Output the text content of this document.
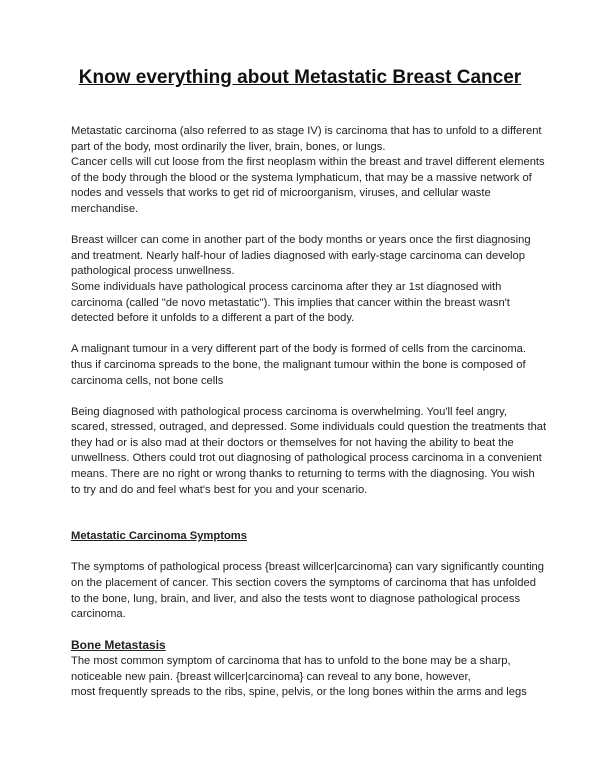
Know everything about Metastatic Breast Cancer

Metastatic carcinoma (also referred to as stage IV) is carcinoma that has to unfold to a different

part of the body, most ordinarily the liver, brain, bones, or lungs.

Cancer cells will cut loose from the first neoplasm within the breast and travel different elements

of the body through the blood or the systema lymphaticum, that may be a massive network of

nodes and vessels that works to get rid of microorganism, viruses, and cellular waste

merchandise.

Breast willcer can come in another part of the body months or years once the first diagnosing

and treatment. Nearly half-hour of ladies diagnosed with early-stage carcinoma can develop

pathological process unwellness.

Some individuals have pathological process carcinoma after they ar 1st diagnosed with

carcinoma (called "de novo metastatic"). This implies that cancer within the breast wasn't

detected before it unfolds to a different a part of the body.

A malignant tumour in a very different part of the body is formed of cells from the carcinoma.

thus if carcinoma spreads to the bone, the malignant tumour within the bone is composed of

carcinoma cells, not bone cells

Being diagnosed with pathological process carcinoma is overwhelming. You'll feel angry,

scared, stressed, outraged, and depressed. Some individuals could question the treatments that

they had or is also mad at their doctors or themselves for not having the ability to beat the

unwellness. Others could trot out diagnosing of pathological process carcinoma in a convenient

means. There are no right or wrong thanks to returning to terms with the diagnosing. You wish

to try and do and feel what's best for you and your scenario.

Metastatic Carcinoma Symptoms

The symptoms of pathological process {breast willcer|carcinoma} can vary significantly counting

on the placement of cancer. This section covers the symptoms of carcinoma that has unfolded

to the bone, lung, brain, and liver, and also the tests wont to diagnose pathological process

carcinoma.

Bone Metastasis

The most common symptom of carcinoma that has to unfold to the bone may be a sharp,

noticeable new pain. {breast willcer|carcinoma} can reveal to any bone, however,

most frequently spreads to the ribs, spine, pelvis, or the long bones within the arms and legs
